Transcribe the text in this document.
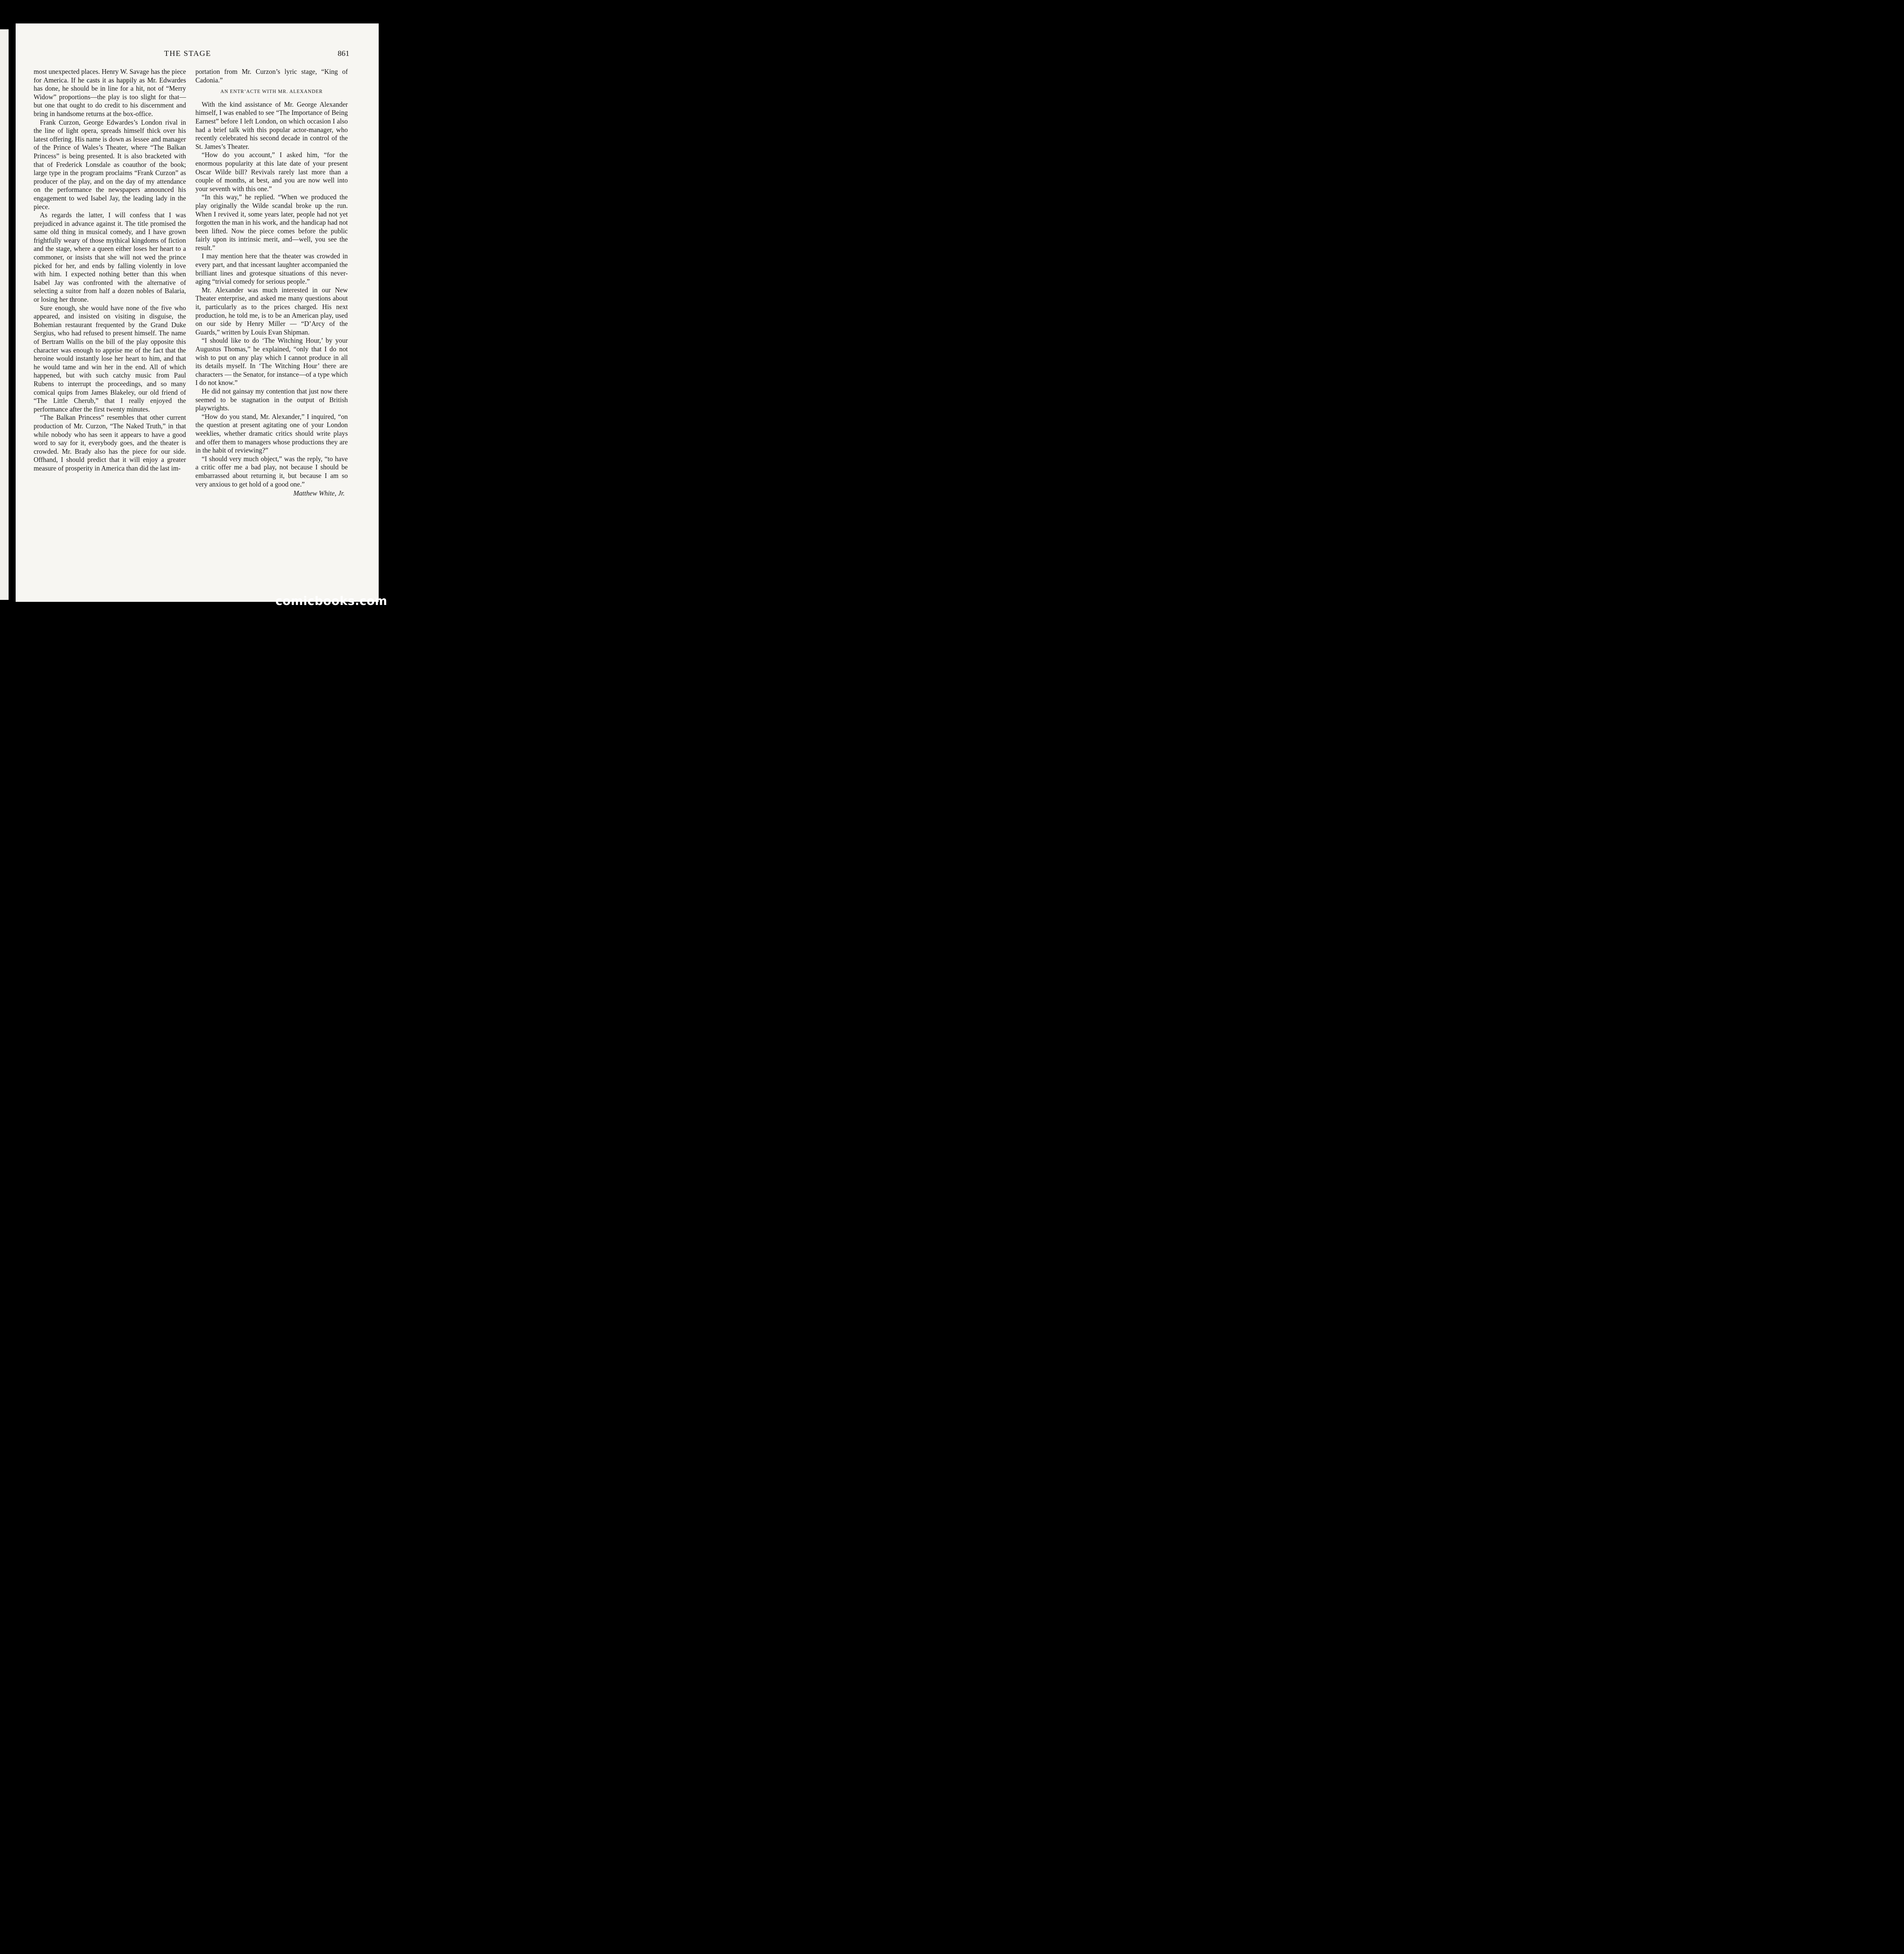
THE STAGE	861

most unexpected places. Henry W. Savage has the piece for America. If he casts it as happily as Mr. Edwardes has done, he should be in line for a hit, not of “Merry Widow” proportions—the play is too slight for that—but one that ought to do credit to his discernment and bring in handsome returns at the box-office.

Frank Curzon, George Edwardes’s London rival in the line of light opera, spreads himself thick over his latest offering. His name is down as lessee and manager of the Prince of Wales’s Theater, where “The Balkan Princess” is being presented. It is also bracketed with that of Frederick Lonsdale as coauthor of the book; large type in the program proclaims “Frank Curzon” as producer of the play, and on the day of my attendance on the performance the newspapers announced his engagement to wed Isabel Jay, the leading lady in the piece.

As regards the latter, I will confess that I was prejudiced in advance against it. The title promised the same old thing in musical comedy, and I have grown frightfully weary of those mythical kingdoms of fiction and the stage, where a queen either loses her heart to a commoner, or insists that she will not wed the prince picked for her, and ends by falling violently in love with him. I expected nothing better than this when Isabel Jay was confronted with the alternative of selecting a suitor from half a dozen nobles of Balaria, or losing her throne.

Sure enough, she would have none of the five who appeared, and insisted on visiting in disguise, the Bohemian restaurant frequented by the Grand Duke Sergius, who had refused to present himself. The name of Bertram Wallis on the bill of the play opposite this character was enough to apprise me of the fact that the heroine would instantly lose her heart to him, and that he would tame and win her in the end. All of which happened, but with such catchy music from Paul Rubens to interrupt the proceedings, and so many comical quips from James Blakeley, our old friend of “The Little Cherub,” that I really enjoyed the performance after the first twenty minutes.

“The Balkan Princess” resembles that other current production of Mr. Curzon, “The Naked Truth,” in that while nobody who has seen it appears to have a good word to say for it, everybody goes, and the theater is crowded. Mr. Brady also has the piece for our side. Offhand, I should predict that it will enjoy a greater measure of prosperity in America than did the last im-

portation from Mr. Curzon’s lyric stage, “King of Cadonia.”

AN ENTR’ACTE WITH MR. ALEXANDER

With the kind assistance of Mr. George Alexander himself, I was enabled to see “The Importance of Being Earnest” before I left London, on which occasion I also had a brief talk with this popular actor-manager, who recently celebrated his second decade in control of the St. James’s Theater.

“How do you account,” I asked him, “for the enormous popularity at this late date of your present Oscar Wilde bill? Revivals rarely last more than a couple of months, at best, and you are now well into your seventh with this one.”

“In this way,” he replied. “When we produced the play originally the Wilde scandal broke up the run. When I revived it, some years later, people had not yet forgotten the man in his work, and the handicap had not been lifted. Now the piece comes before the public fairly upon its intrinsic merit, and—well, you see the result.”

I may mention here that the theater was crowded in every part, and that incessant laughter accompanied the brilliant lines and grotesque situations of this never-aging “trivial comedy for serious people.”

Mr. Alexander was much interested in our New Theater enterprise, and asked me many questions about it, particularly as to the prices charged. His next production, he told me, is to be an American play, used on our side by Henry Miller — “D’Arcy of the Guards,” written by Louis Evan Shipman.

“I should like to do ‘The Witching Hour,’ by your Augustus Thomas,” he explained, “only that I do not wish to put on any play which I cannot produce in all its details myself. In ‘The Witching Hour’ there are characters — the Senator, for instance—of a type which I do not know.”

He did not gainsay my contention that just now there seemed to be stagnation in the output of British playwrights.

“How do you stand, Mr. Alexander,” I inquired, “on the question at present agitating one of your London weeklies, whether dramatic critics should write plays and offer them to managers whose productions they are in the habit of reviewing?”

“I should very much object,” was the reply, “to have a critic offer me a bad play, not because I should be embarrassed about returning it, but because I am so very anxious to get hold of a good one.”

Matthew White, Jr.
comicbooks.com
